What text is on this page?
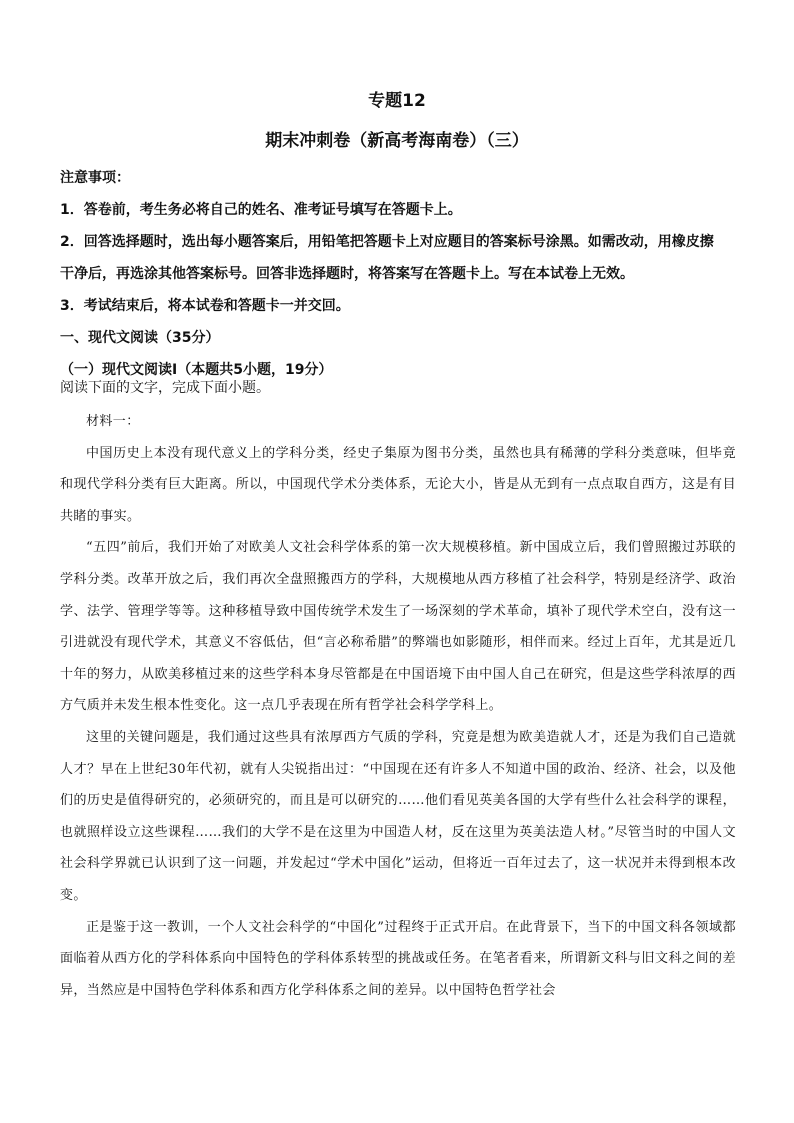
专题12
期末冲刺卷（新高考海南卷）（三）
注意事项：
1．答卷前，考生务必将自己的姓名、准考证号填写在答题卡上。
2．回答选择题时，选出每小题答案后，用铅笔把答题卡上对应题目的答案标号涂黑。如需改动，用橡皮擦
干净后，再选涂其他答案标号。回答非选择题时，将答案写在答题卡上。写在本试卷上无效。
3．考试结束后，将本试卷和答题卡一并交回。
一、现代文阅读（35分）
（一）现代文阅读Ⅰ（本题共5小题，19分）
阅读下面的文字，完成下面小题。

材料一：

中国历史上本没有现代意义上的学科分类，经史子集原为图书分类，虽然也具有稀薄的学科分类意味，但毕竟和现代学科分类有巨大距离。所以，中国现代学术分类体系，无论大小，皆是从无到有一点点取自西方，这是有目共睹的事实。

“五四”前后，我们开始了对欧美人文社会科学体系的第一次大规模移植。新中国成立后，我们曾照搬过苏联的学科分类。改革开放之后，我们再次全盘照搬西方的学科，大规模地从西方移植了社会科学，特别是经济学、政治学、法学、管理学等等。这种移植导致中国传统学术发生了一场深刻的学术革命，填补了现代学术空白，没有这一引进就没有现代学术，其意义不容低估，但“言必称希腊”的弊端也如影随形，相伴而来。经过上百年，尤其是近几十年的努力，从欧美移植过来的这些学科本身尽管都是在中国语境下由中国人自己在研究，但是这些学科浓厚的西方气质并未发生根本性变化。这一点几乎表现在所有哲学社会科学学科上。

这里的关键问题是，我们通过这些具有浓厚西方气质的学科，究竟是想为欧美造就人才，还是为我们自己造就人才？早在上世纪30年代初，就有人尖锐指出过：“中国现在还有许多人不知道中国的政治、经济、社会，以及他们的历史是值得研究的，必须研究的，而且是可以研究的……他们看见英美各国的大学有些什么社会科学的课程，也就照样设立这些课程……我们的大学不是在这里为中国造人材，反在这里为英美法造人材。”尽管当时的中国人文社会科学界就已认识到了这一问题，并发起过“学术中国化”运动，但将近一百年过去了，这一状况并未得到根本改变。

正是鉴于这一教训，一个人文社会科学的“中国化”过程终于正式开启。在此背景下，当下的中国文科各领域都面临着从西方化的学科体系向中国特色的学科体系转型的挑战或任务。在笔者看来，所谓新文科与旧文科之间的差异，当然应是中国特色学科体系和西方化学科体系之间的差异。以中国特色哲学社会
